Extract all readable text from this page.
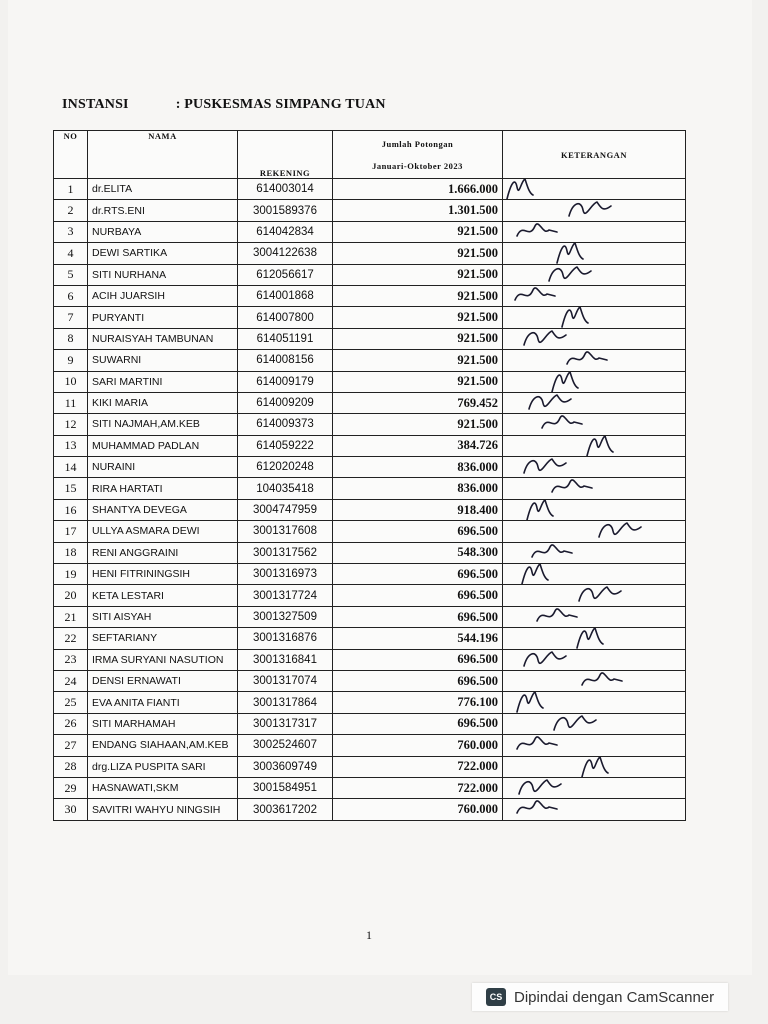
INSTANSI	: PUSKESMAS SIMPANG TUAN
NO	NAMA	REKENING	Jumlah Potongan
Januari-Oktober 2023	KETERANGAN
1	dr.ELITA	614003014	1.666.000	

2	dr.RTS.ENI	3001589376	1.301.500	

3	NURBAYA	614042834	921.500	

4	DEWI SARTIKA	3004122638	921.500	

5	SITI NURHANA	612056617	921.500	

6	ACIH JUARSIH	614001868	921.500	

7	PURYANTI	614007800	921.500	

8	NURAISYAH TAMBUNAN	614051191	921.500	

9	SUWARNI	614008156	921.500	

10	SARI MARTINI	614009179	921.500	

11	KIKI MARIA	614009209	769.452	

12	SITI NAJMAH,AM.KEB	614009373	921.500	

13	MUHAMMAD PADLAN	614059222	384.726	

14	NURAINI	612020248	836.000	

15	RIRA HARTATI	104035418	836.000	

16	SHANTYA DEVEGA	3004747959	918.400	

17	ULLYA ASMARA DEWI	3001317608	696.500	

18	RENI ANGGRAINI	3001317562	548.300	

19	HENI FITRININGSIH	3001316973	696.500	

20	KETA LESTARI	3001317724	696.500	

21	SITI AISYAH	3001327509	696.500	

22	SEFTARIANY	3001316876	544.196	

23	IRMA SURYANI NASUTION	3001316841	696.500	

24	DENSI ERNAWATI	3001317074	696.500	

25	EVA ANITA FIANTI	3001317864	776.100	

26	SITI MARHAMAH	3001317317	696.500	

27	ENDANG SIAHAAN,AM.KEB	3002524607	760.000	

28	drg.LIZA PUSPITA SARI	3003609749	722.000	

29	HASNAWATI,SKM	3001584951	722.000	

30	SAVITRI WAHYU NINGSIH	3003617202	760.000	
1
CS Dipindai dengan CamScanner
